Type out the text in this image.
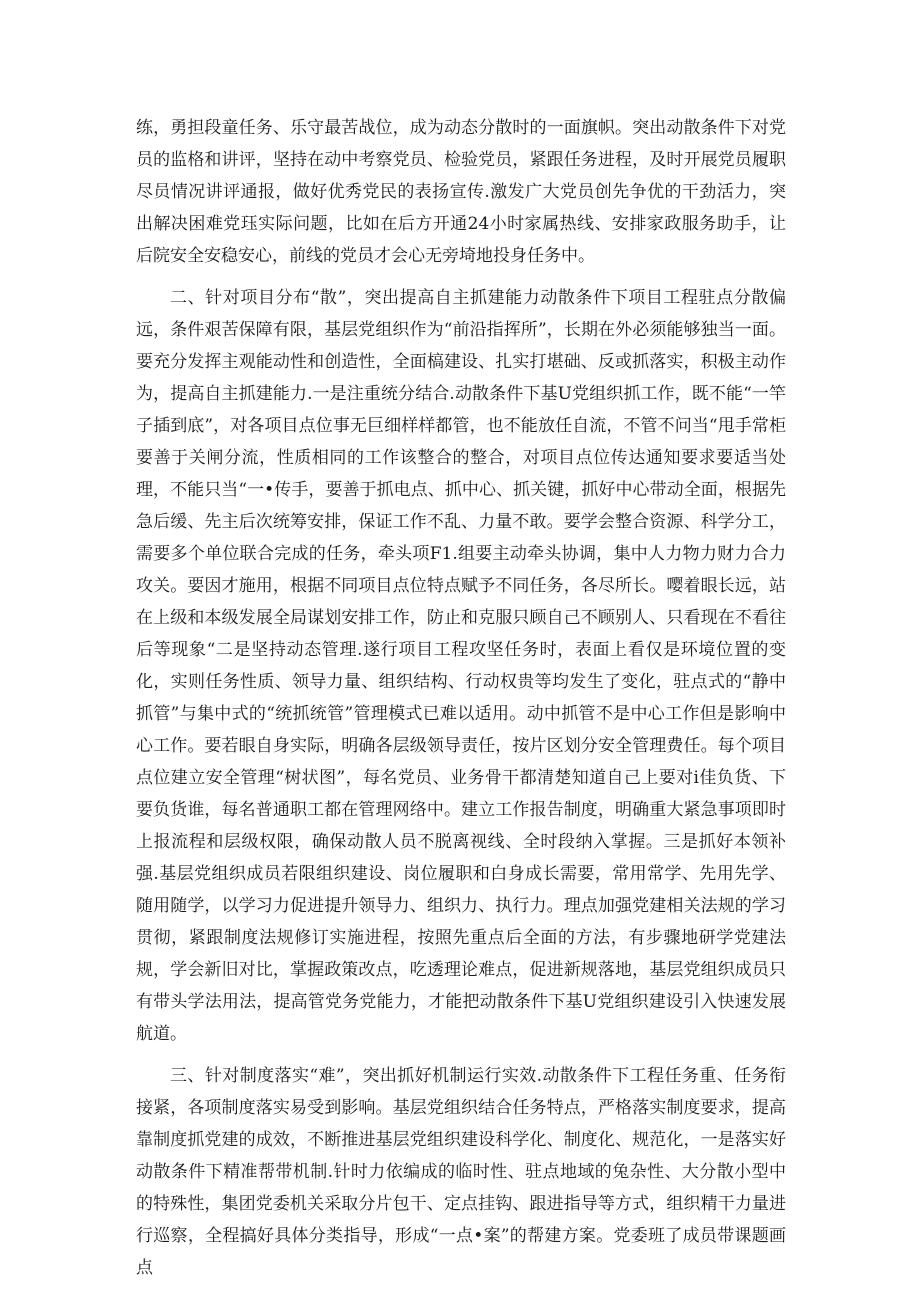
练，勇担段童任务、乐守最苦战位，成为动态分散时的一面旗帜。突出动散条件下对党员的监格和讲评，坚持在动中考察党员、检验党员，紧跟任务进程，及时开展党员履职尽员情况讲评通报，做好优秀党民的表扬宣传.激发广大党员创先争优的干劲活力，突出解决困难党珏实际问题，比如在后方开通24小时家属热线、安排家政服务助手，让后院安全安稳安心，前线的党员才会心无旁埼地投身任务中。

二、针对项目分布“散”，突出提高自主抓建能力动散条件下项目工程驻点分散偏远，条件艰苦保障有限，基层党组织作为“前沿指挥所”，长期在外必须能够独当一面。要充分发挥主观能动性和创造性，全面槁建设、扎实打堪础、反或抓落实，积极主动作为，提高自主抓建能力.一是注重统分结合.动散条件下基U党组织抓工作，既不能“一竿子插到底”，对各项目点位事无巨细样样都管，也不能放任自流，不管不问当“甩手常柜要善于关闸分流，性质相同的工作该整合的整合，对项目点位传达通知要求要适当处理，不能只当“一•传手，要善于抓电点、抓中心、抓关键，抓好中心带动全面，根据先急后缓、先主后次统筹安排，保证工作不乱、力量不敢。要学会整合资源、科学分工，需要多个单位联合完成的任务，牵头项F1.组要主动牵头协调，集中人力物力财力合力攻关。要因才施用，根据不同项目点位特点赋予不同任务，各尽所长。嘤着眼长远，站在上级和本级发展全局谋划安排工作，防止和克服只顾自己不顾别人、只看现在不看往后等现象“二是坚持动态管理.遂行项目工程攻坚任务时，表面上看仅是环境位置的变化，实则任务性质、领导力量、组织结构、行动权贵等均发生了变化，驻点式的“静中抓管”与集中式的“统抓统管”管理模式已难以适用。动中抓管不是中心工作但是影响中心工作。要若眼自身实际，明确各层级领导责任，按片区划分安全管理费任。每个项目点位建立安全管理“树状图”，每名党员、业务骨干都清楚知道自己上要对i佳负货、下要负货谁，每名普通职工都在管理网络中。建立工作报告制度，明确重大紧急事项即时上报流程和层级权限，确保动散人员不脱离视线、全时段纳入掌握。三是抓好本领补强.基层党组织成员若限组织建设、岗位履职和白身成长需要，常用常学、先用先学、随用随学，以学习力促进提升领导力、组织力、执行力。理点加强党建相关法规的学习贯彻，紧跟制度法规修订实施进程，按照先重点后全面的方法，有步骤地研学党建法规，学会新旧对比，掌握政策改点，吃透理论难点，促进新规落地，基层党组织成员只有带头学法用法，提高管党务党能力，才能把动散条件下基U党组织建设引入快速发展航道。

三、针对制度落实“难”，突出抓好机制运行实效.动散条件下工程任务重、任务衔接紧，各项制度落实易受到影响。基层党组织结合任务特点，严格落实制度要求，提高靠制度抓党建的成效，不断推进基层党组织建设科学化、制度化、规范化，一是落实好动散条件下精准帮带机制.针时力依编成的临时性、驻点地域的兔杂性、大分散小型中的特殊性，集团党委机关采取分片包干、定点挂钩、跟进指导等方式，组织精干力量进行巡察，全程搞好具体分类指导，形成“一点•案”的帮建方案。党委班了成员带课题画点
